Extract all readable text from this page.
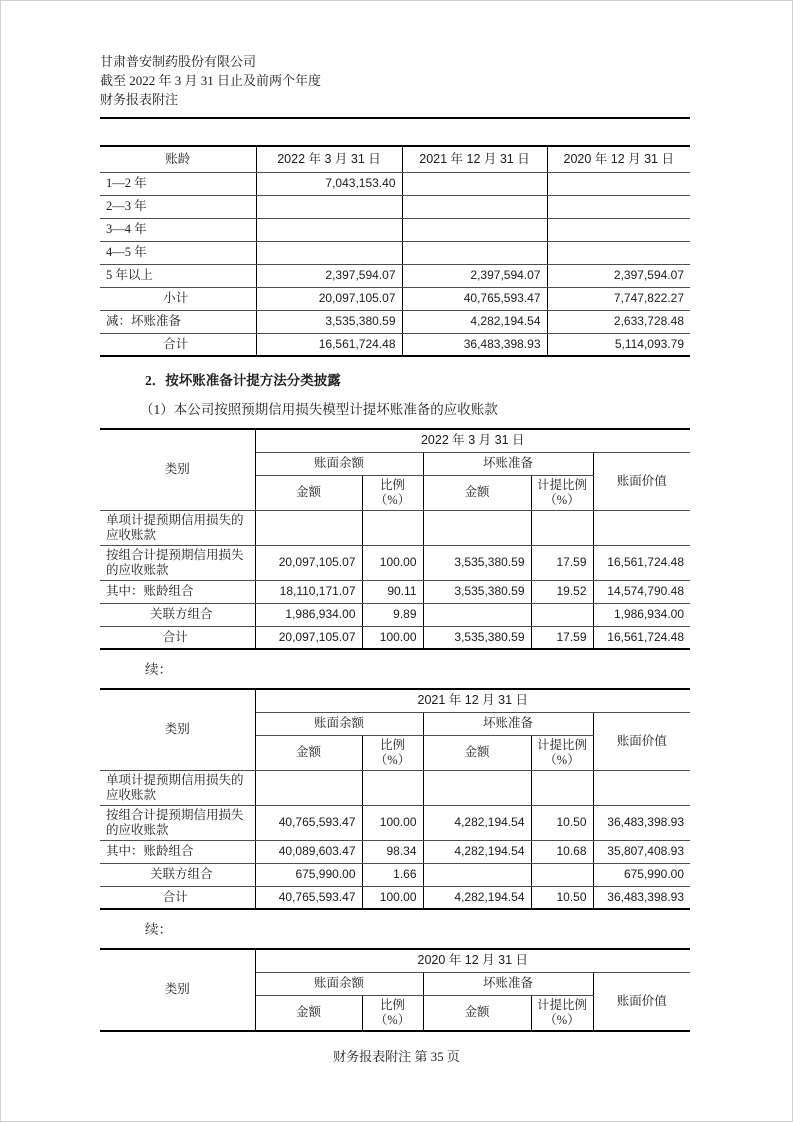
甘肃普安制药股份有限公司
截至 2022 年 3 月 31 日止及前两个年度
财务报表附注
账龄	2022 年 3 月 31 日	2021 年 12 月 31 日	2020 年 12 月 31 日
1—2 年	7,043,153.40		
2—3 年			
3—4 年			
4—5 年			
5 年以上	2,397,594.07	2,397,594.07	2,397,594.07
小计	20,097,105.07	40,765,593.47	7,747,822.27
减：坏账准备	3,535,380.59	4,282,194.54	2,633,728.48
合计	16,561,724.48	36,483,398.93	5,114,093.79
2．按坏账准备计提方法分类披露
（1）本公司按照预期信用损失模型计提坏账准备的应收账款
类别	2022 年 3 月 31 日				
	账面余额		坏账准备		账面价值
	金额	比例（%）	金额	计提比例（%）	
单项计提预期信用损失的应收账款					
按组合计提预期信用损失的应收账款	20,097,105.07	100.00	3,535,380.59	17.59	16,561,724.48
其中：账龄组合	18,110,171.07	90.11	3,535,380.59	19.52	14,574,790.48
关联方组合	1,986,934.00	9.89			1,986,934.00
合计	20,097,105.07	100.00	3,535,380.59	17.59	16,561,724.48
续：
类别	2021 年 12 月 31 日				
	账面余额		坏账准备		账面价值
	金额	比例（%）	金额	计提比例（%）	
单项计提预期信用损失的应收账款					
按组合计提预期信用损失的应收账款	40,765,593.47	100.00	4,282,194.54	10.50	36,483,398.93
其中：账龄组合	40,089,603.47	98.34	4,282,194.54	10.68	35,807,408.93
关联方组合	675,990.00	1.66			675,990.00
合计	40,765,593.47	100.00	4,282,194.54	10.50	36,483,398.93
续：
类别	2020 年 12 月 31 日				
	账面余额		坏账准备		账面价值
	金额	比例（%）	金额	计提比例（%）	
财务报表附注 第 35 页
